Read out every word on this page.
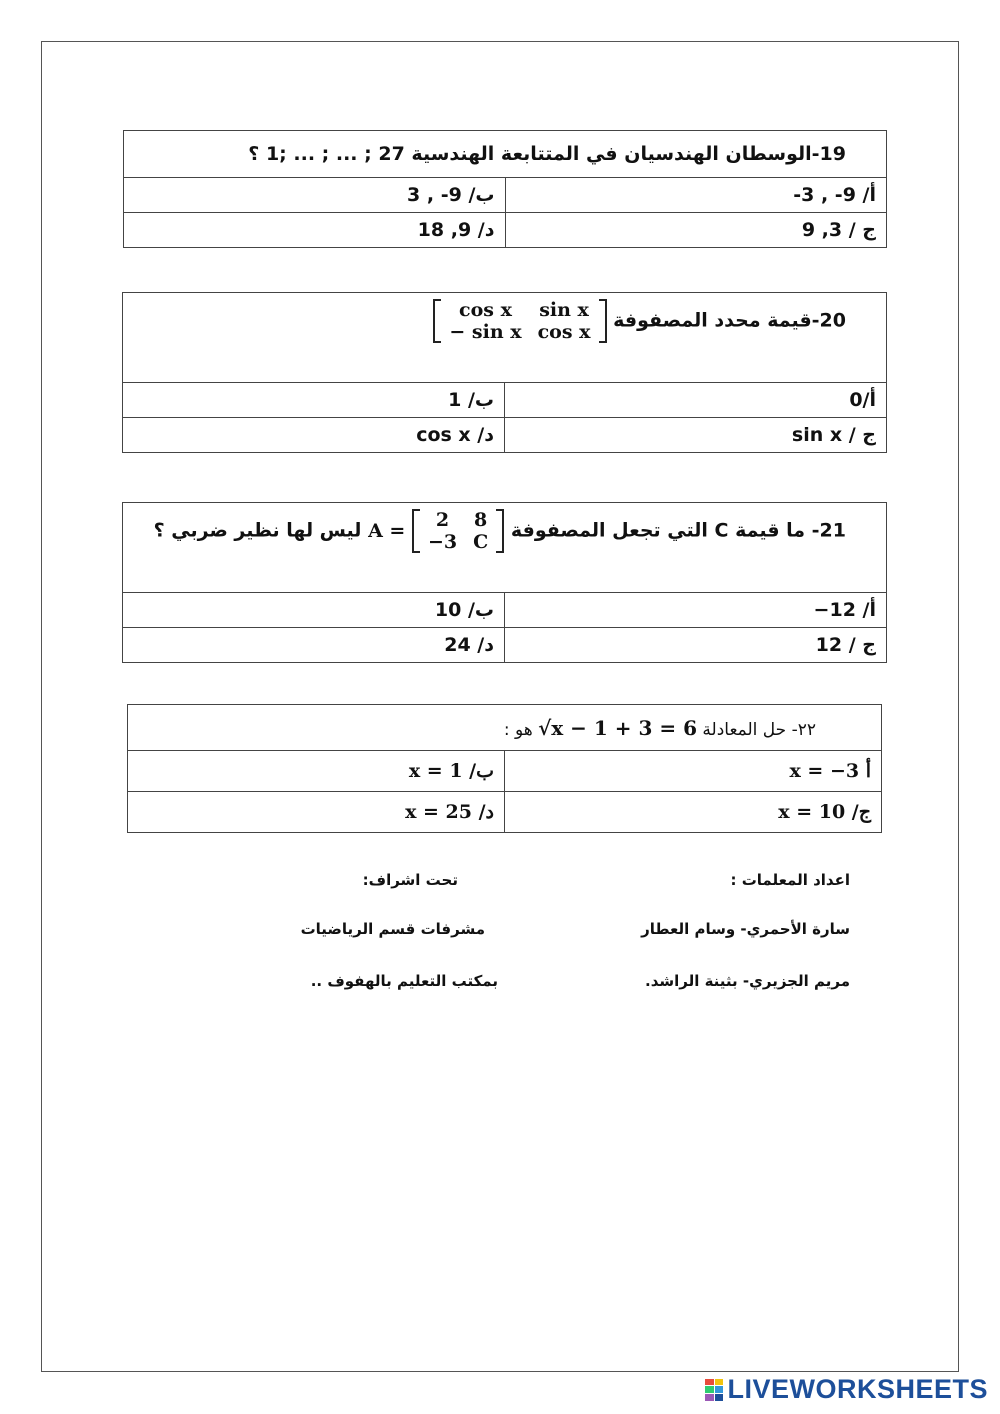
19-الوسطان الهندسيان في المتتابعة الهندسية 27 ; ... ; ... ;1 ؟	
أ/ 9- , 3-	ب/ 9- , 3
ج / 3, 9	د/ 9, 18
20-قيمة محدد المصفوفة
cos x	sin x
− sin x	cos x

أ/0	ب/ 1
ج / sin x	د/ cos x
21- ما قيمة C التي تجعل المصفوفة
2	8
−3	C
A = ليس لها نظير ضربي ؟
أ/ 12−	ب/ 10
ج / 12	د/ 24
٢٢- حل المعادلة √x − 1 + 3 = 6 هو :	
أ x = −3	ب/ x = 1
ج/ x = 10	د/ x = 25
اعداد المعلمات :
تحت اشراف:
سارة الأحمري- وسام العطار
مشرفات قسم الرياضيات
مريم الجزيري- بثينة الراشد.
بمكتب التعليم بالهفوف ..
LIVEWORKSHEETS
